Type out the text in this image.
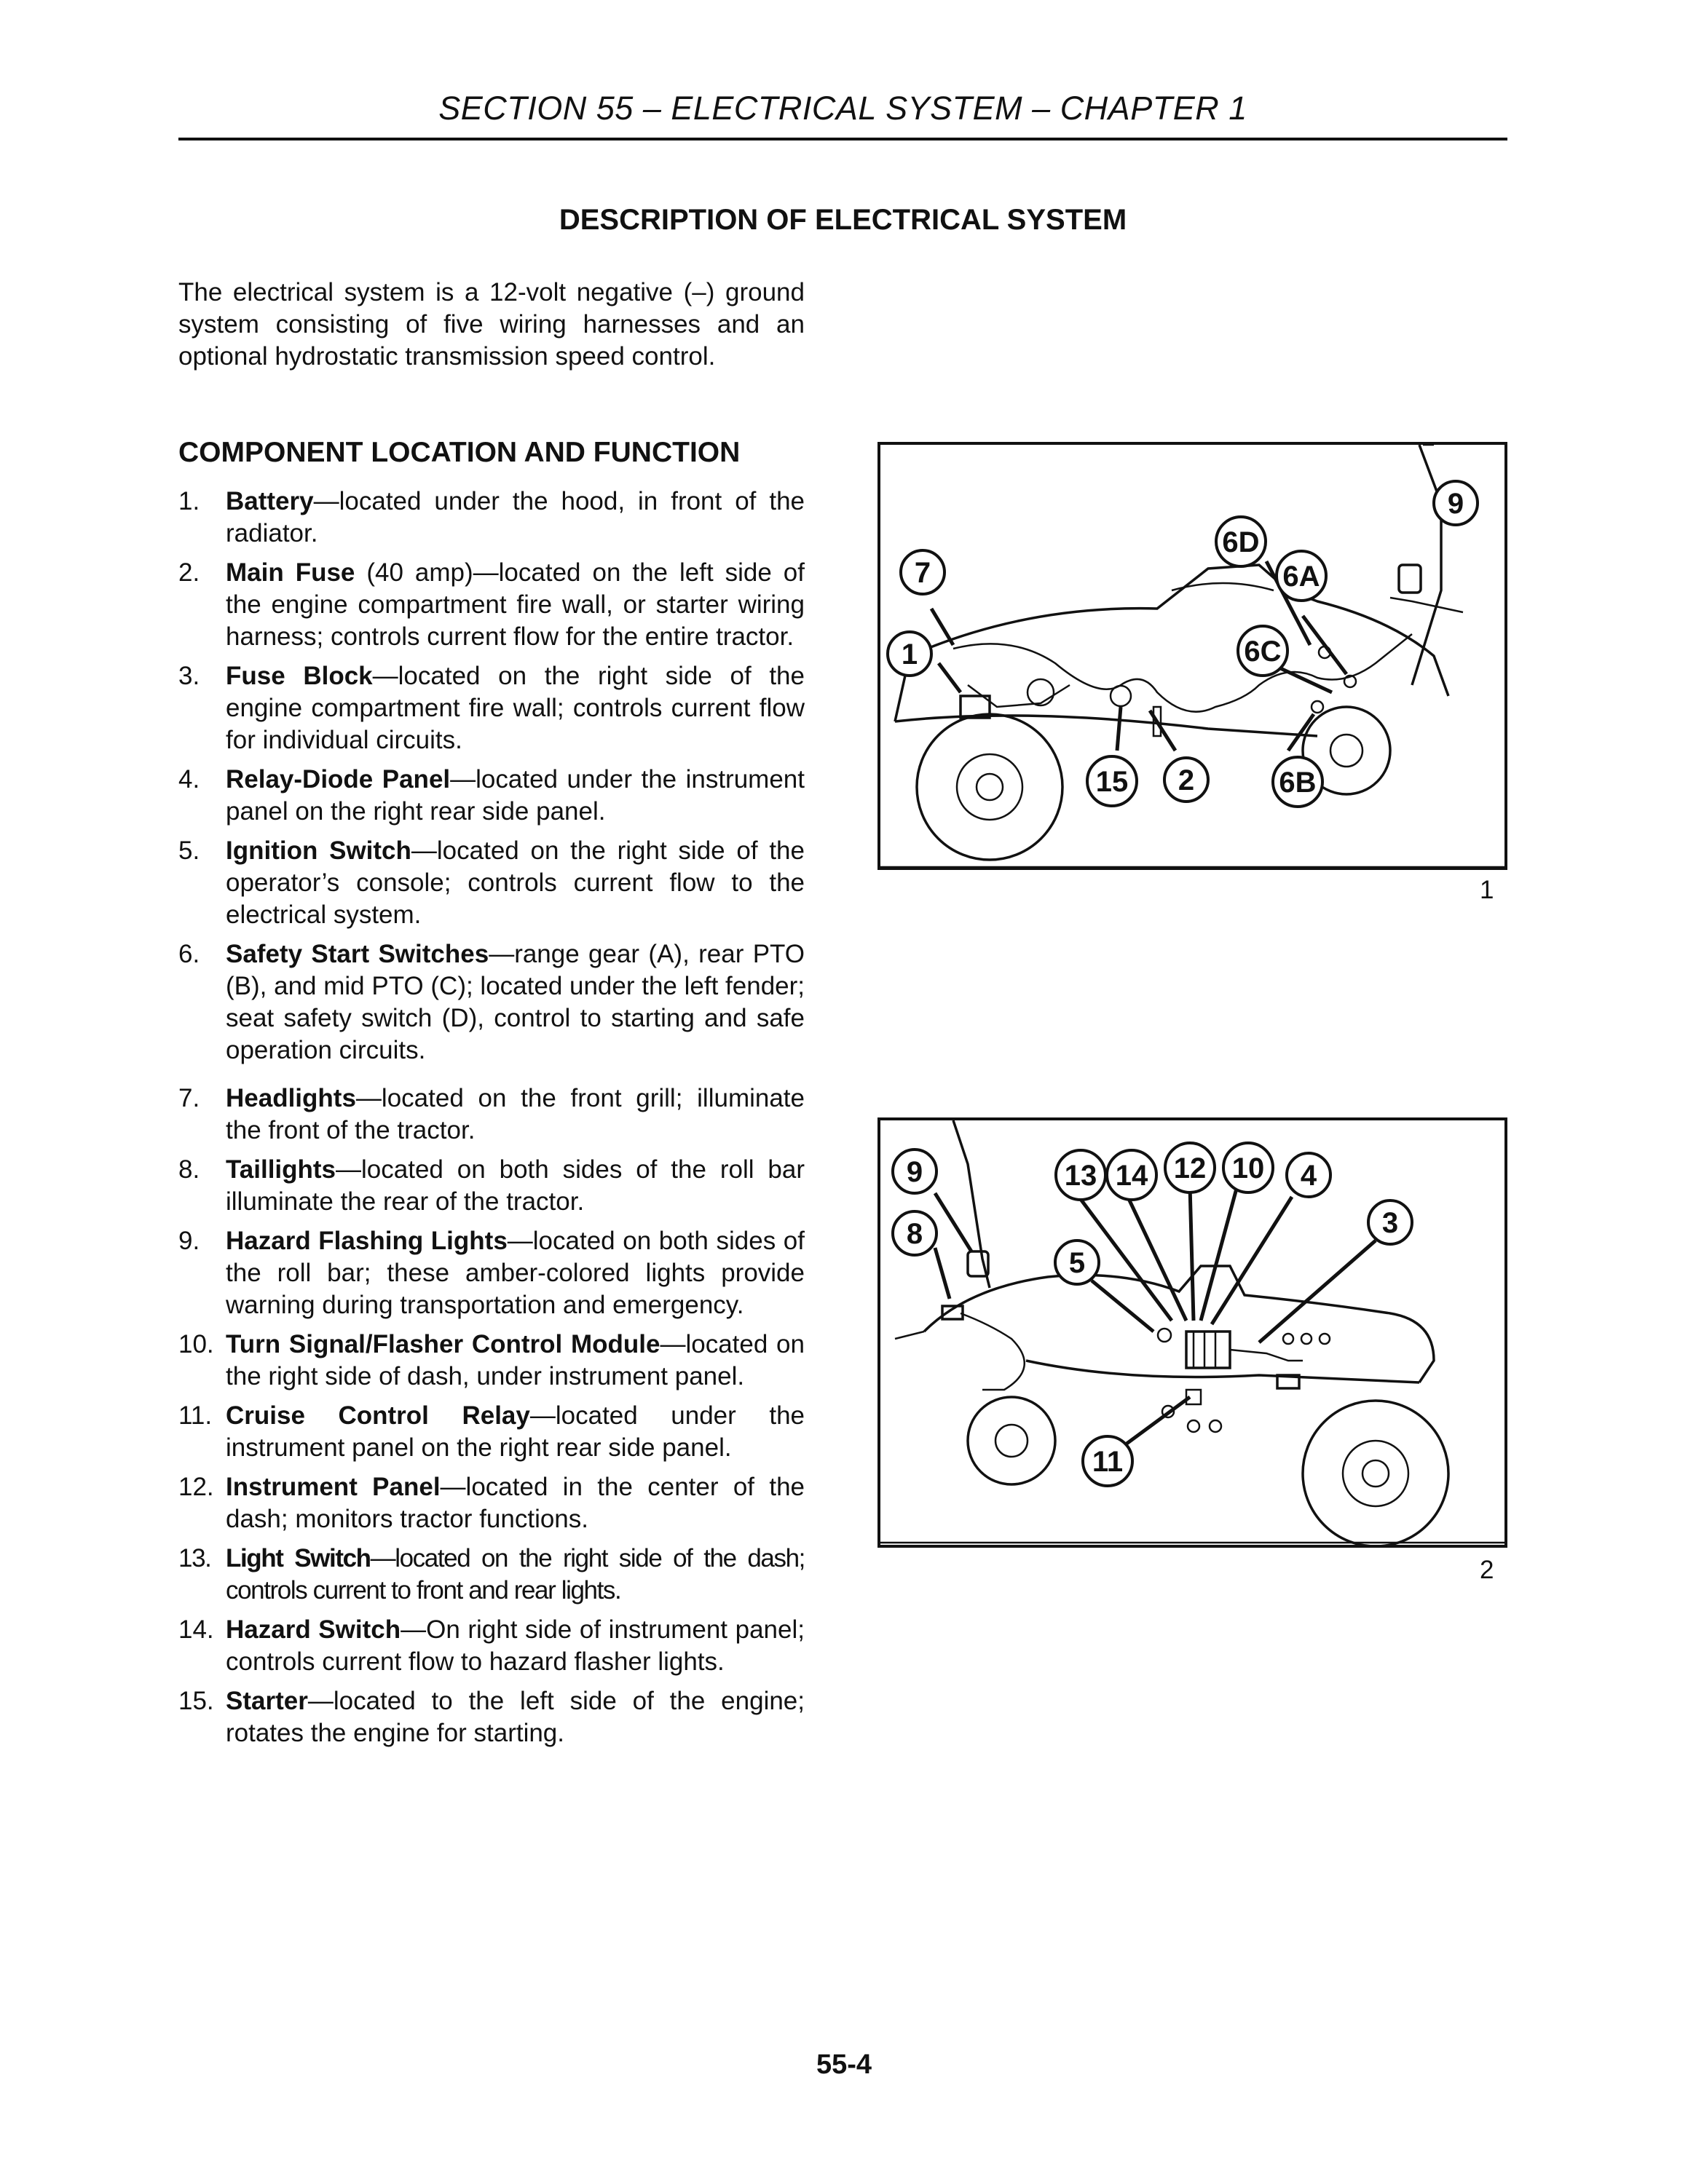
SECTION 55 – ELECTRICAL SYSTEM – CHAPTER 1
DESCRIPTION OF ELECTRICAL SYSTEM
The electrical system is a 12-volt negative (–) ground system consisting of five wiring harnesses and an optional hydrostatic transmission speed control.
COMPONENT LOCATION AND FUNCTION
1. Battery—located under the hood, in front of the radiator.
2. Main Fuse (40 amp)—located on the left side of the engine compartment fire wall, or starter wiring harness; controls current flow for the entire tractor.
3. Fuse Block—located on the right side of the engine compartment fire wall; controls current flow for individual circuits.
4. Relay-Diode Panel—located under the instrument panel on the right rear side panel.
5. Ignition Switch—located on the right side of the operator’s console; controls current flow to the electrical system.
6. Safety Start Switches—range gear (A), rear PTO (B), and mid PTO (C); located under the left fender; seat safety switch (D), control to starting and safe operation circuits.
7. Headlights—located on the front grill; illuminate the front of the tractor.
8. Taillights—located on both sides of the roll bar illuminate the rear of the tractor.
9. Hazard Flashing Lights—located on both sides of the roll bar; these amber-colored lights provide warning during transportation and emergency.
10. Turn Signal/Flasher Control Module—located on the right side of dash, under instrument panel.
11. Cruise Control Relay—located under the instrument panel on the right rear side panel.
12. Instrument Panel—located in the center of the dash; monitors tractor functions.
13. Light Switch—located on the right side of the dash; controls current to front and rear lights.
14. Hazard Switch—On right side of instrument panel; controls current flow to hazard flasher lights.
15. Starter—located to the left side of the engine; rotates the engine for starting.
7
1
15 2
6D
6A
6C
6B
9
1
9
8
13 14 12 10 4
3
5
11
2
55-4
